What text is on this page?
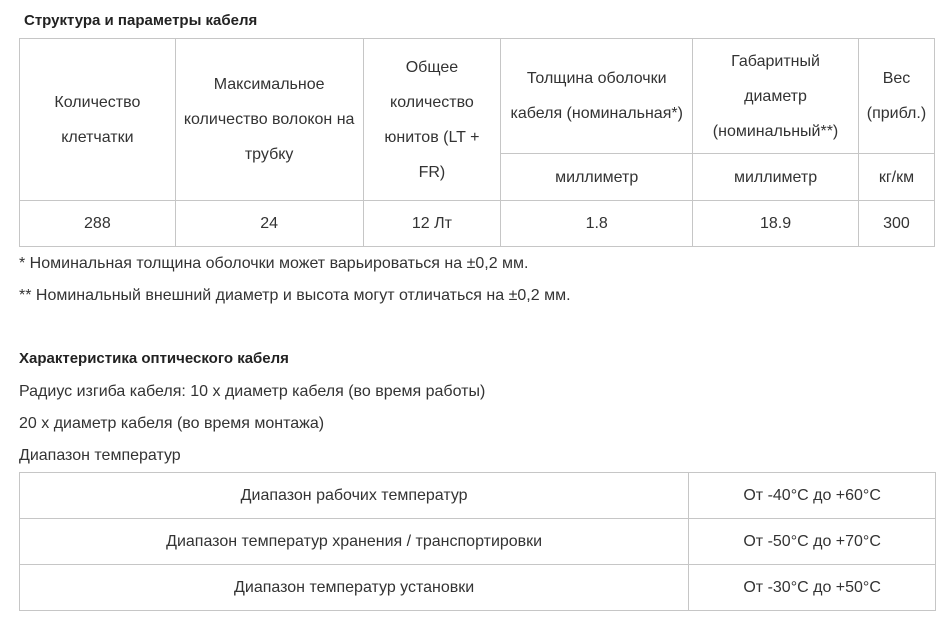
Структура и параметры кабеля
Количество клетчатки	Максимальное количество волокон на трубку	Общее количество юнитов (LT + FR)	Толщина оболочки кабеля (номинальная*)	Габаритный диаметр (номинальный**)	Вес (прибл.)
			миллиметр	миллиметр	кг/км
288	24	12 Лт	1.8	18.9	300
* Номинальная толщина оболочки может варьироваться на ±0,2 мм.
** Номинальный внешний диаметр и высота могут отличаться на ±0,2 мм.
Характеристика оптического кабеля
Радиус изгиба кабеля: 10 x диаметр кабеля (во время работы)
20 x диаметр кабеля (во время монтажа)
Диапазон температур
Диапазон рабочих температур	От -40°C до +60°C
Диапазон температур хранения / транспортировки	От -50°C до +70°C
Диапазон температур установки	От -30°C до +50°C
